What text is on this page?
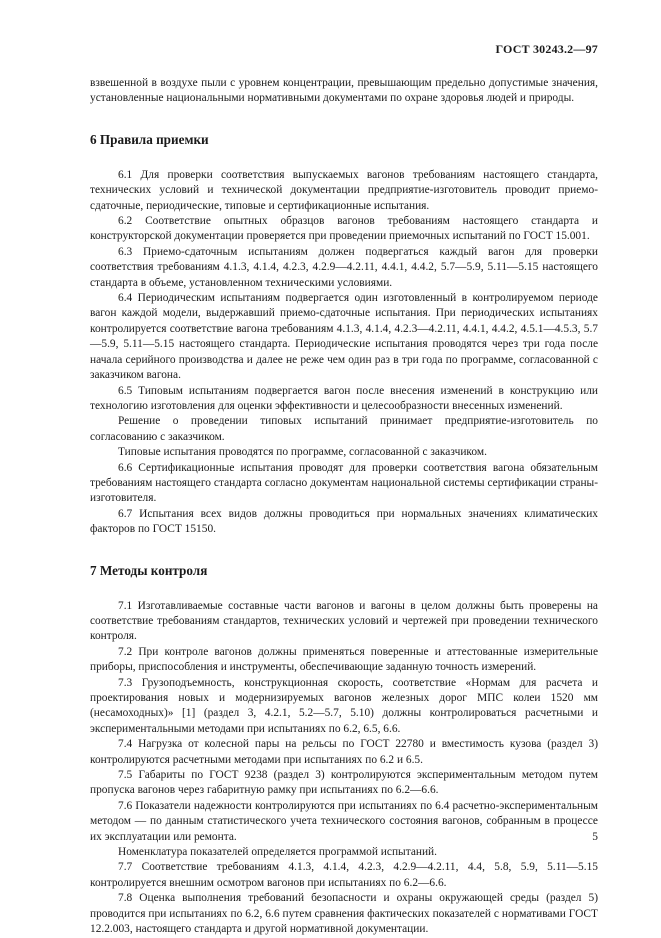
ГОСТ 30243.2—97

взвешенной в воздухе пыли с уровнем концентрации, превышающим предельно допустимые значения, установленные национальными нормативными документами по охране здоровья людей и природы.

6 Правила приемки

6.1 Для проверки соответствия выпускаемых вагонов требованиям настоящего стандарта, технических условий и технической документации предприятие-изготовитель проводит приемо-сдаточные, периодические, типовые и сертификационные испытания.

6.2 Соответствие опытных образцов вагонов требованиям настоящего стандарта и конструкторской документации проверяется при проведении приемочных испытаний по ГОСТ 15.001.

6.3 Приемо-сдаточным испытаниям должен подвергаться каждый вагон для проверки соответствия требованиям 4.1.3, 4.1.4, 4.2.3, 4.2.9—4.2.11, 4.4.1, 4.4.2, 5.7—5.9, 5.11—5.15 настоящего стандарта в объеме, установленном техническими условиями.

6.4 Периодическим испытаниям подвергается один изготовленный в контролируемом периоде вагон каждой модели, выдержавший приемо-сдаточные испытания. При периодических испытаниях контролируется соответствие вагона требованиям 4.1.3, 4.1.4, 4.2.3—4.2.11, 4.4.1, 4.4.2, 4.5.1—4.5.3, 5.7—5.9, 5.11—5.15 настоящего стандарта. Периодические испытания проводятся через три года после начала серийного производства и далее не реже чем один раз в три года по программе, согласованной с заказчиком вагона.

6.5 Типовым испытаниям подвергается вагон после внесения изменений в конструкцию или технологию изготовления для оценки эффективности и целесообразности внесенных изменений.

Решение о проведении типовых испытаний принимает предприятие-изготовитель по согласованию с заказчиком.

Типовые испытания проводятся по программе, согласованной с заказчиком.

6.6 Сертификационные испытания проводят для проверки соответствия вагона обязательным требованиям настоящего стандарта согласно документам национальной системы сертификации страны-изготовителя.

6.7 Испытания всех видов должны проводиться при нормальных значениях климатических факторов по ГОСТ 15150.

7 Методы контроля

7.1 Изготавливаемые составные части вагонов и вагоны в целом должны быть проверены на соответствие требованиям стандартов, технических условий и чертежей при проведении технического контроля.

7.2 При контроле вагонов должны применяться поверенные и аттестованные измерительные приборы, приспособления и инструменты, обеспечивающие заданную точность измерений.

7.3 Грузоподъемность, конструкционная скорость, соответствие «Нормам для расчета и проектирования новых и модернизируемых вагонов железных дорог МПС колеи 1520 мм (несамоходных)» [1] (раздел 3, 4.2.1, 5.2—5.7, 5.10) должны контролироваться расчетными и экспериментальными методами при испытаниях по 6.2, 6.5, 6.6.

7.4 Нагрузка от колесной пары на рельсы по ГОСТ 22780 и вместимость кузова (раздел 3) контролируются расчетными методами при испытаниях по 6.2 и 6.5.

7.5 Габариты по ГОСТ 9238 (раздел 3) контролируются экспериментальным методом путем пропуска вагонов через габаритную рамку при испытаниях по 6.2—6.6.

7.6 Показатели надежности контролируются при испытаниях по 6.4 расчетно-экспериментальным методом — по данным статистического учета технического состояния вагонов, собранным в процессе их эксплуатации или ремонта.

Номенклатура показателей определяется программой испытаний.

7.7 Соответствие требованиям 4.1.3, 4.1.4, 4.2.3, 4.2.9—4.2.11, 4.4, 5.8, 5.9, 5.11—5.15 контролируется внешним осмотром вагонов при испытаниях по 6.2—6.6.

7.8 Оценка выполнения требований безопасности и охраны окружающей среды (раздел 5) проводится при испытаниях по 6.2, 6.6 путем сравнения фактических показателей с нормативами ГОСТ 12.2.003, настоящего стандарта и другой нормативной документации.

5
